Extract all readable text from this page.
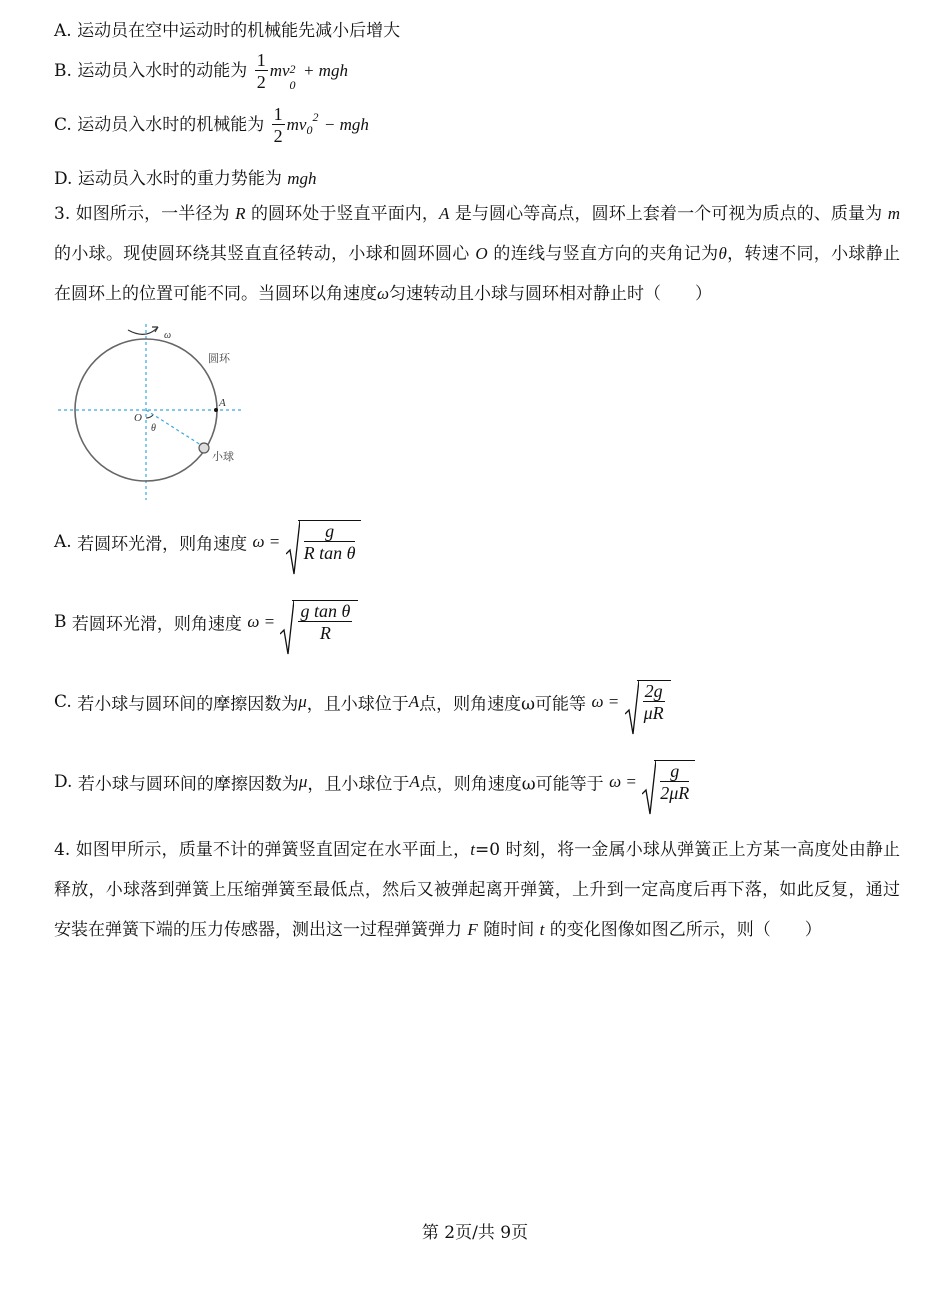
A. 运动员在空中运动时的机械能先减小后增大
B. 运动员入水时的动能为 $\frac{1}{2}$ mv 2
0
+ mgh
C. 运动员入水时的机械能为 $\frac{1}{2} mv_0^2$ − mgh
D. 运动员入水时的重力势能为 mgh
3. 如图所示，一半径为 R 的圆环处于竖直平面内，A 是与圆心等高点，圆环上套着一个可视为质点的、质量为 m 的小球。现使圆环绕其竖直直径转动，小球和圆环圆心 O 的连线与竖直方向的夹角记为θ，转速不同，小球静止在圆环上的位置可能不同。当圆环以角速度ω匀速转动且小球与圆环相对静止时（　　）
ω
圆环
A
O
θ
小球
A. 若圆环光滑，则角速度 $\omega = \frac{g}{\text{R tan θ}}$
B 若圆环光滑，则角速度 $\omega = \frac{\text{g tan θ}}{R}$
C. 若小球与圆环间的摩擦因数为μ，且小球位于A点，则角速度ω可能等 $\omega = \frac{2g}{\mu R}$
D. 若小球与圆环间的摩擦因数为μ，且小球位于A点，则角速度ω可能等于 $\omega = \frac{g}{2\mu R}$
4. 如图甲所示，质量不计的弹簧竖直固定在水平面上，t=0 时刻，将一金属小球从弹簧正上方某一高度处由静止释放，小球落到弹簧上压缩弹簧至最低点，然后又被弹起离开弹簧，上升到一定高度后再下落，如此反复，通过安装在弹簧下端的压力传感器，测出这一过程弹簧弹力 F 随时间 t 的变化图像如图乙所示，则（　　）
第 2页/共 9页
